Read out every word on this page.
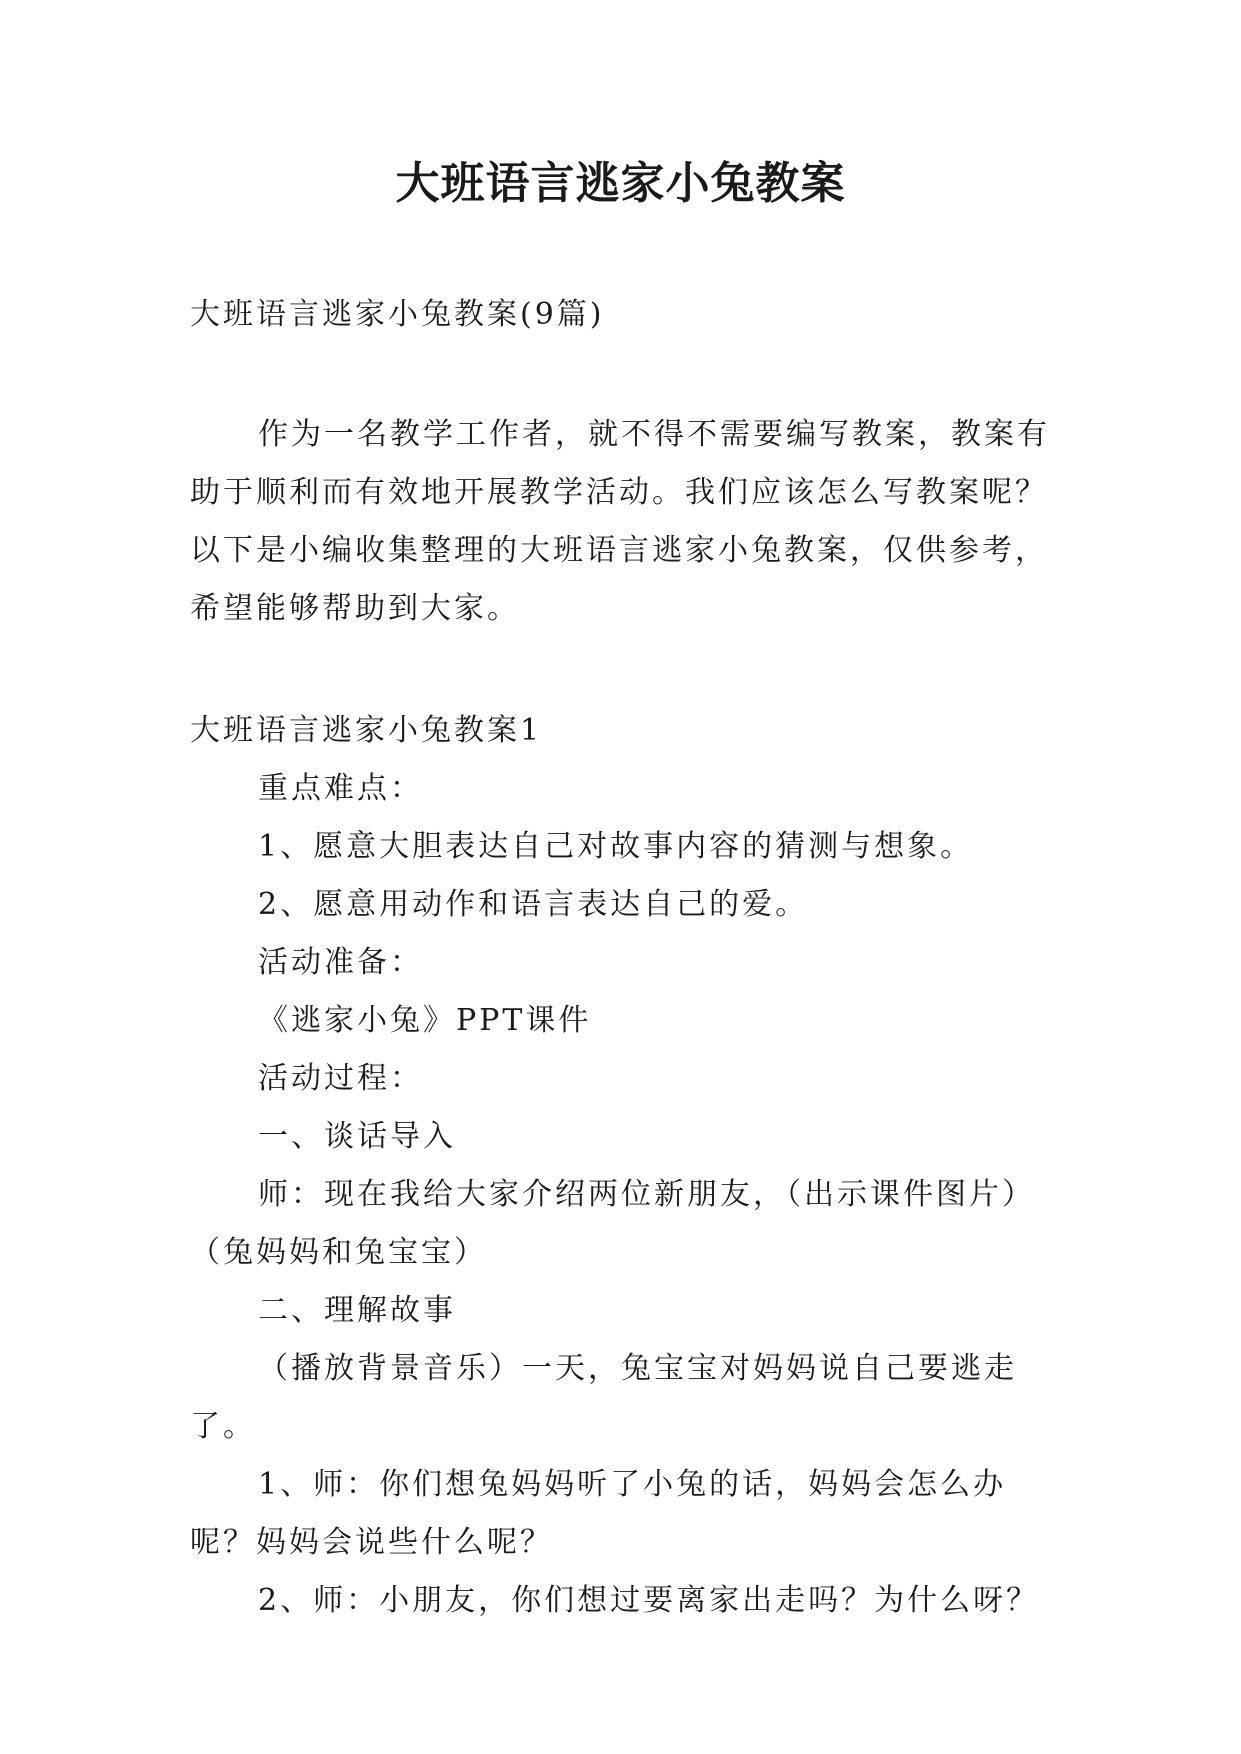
大班语言逃家小兔教案

大班语言逃家小兔教案(9篇)

作为一名教学工作者，就不得不需要编写教案，教案有助于顺利而有效地开展教学活动。我们应该怎么写教案呢？以下是小编收集整理的大班语言逃家小兔教案，仅供参考，希望能够帮助到大家。

大班语言逃家小兔教案1

重点难点：

1、愿意大胆表达自己对故事内容的猜测与想象。

2、愿意用动作和语言表达自己的爱。

活动准备：

《逃家小兔》PPT课件

活动过程：

一、谈话导入

师：现在我给大家介绍两位新朋友，（出示课件图片）（兔妈妈和兔宝宝）

二、理解故事

（播放背景音乐）一天，兔宝宝对妈妈说自己要逃走了。

1、师：你们想兔妈妈听了小兔的话，妈妈会怎么办呢？妈妈会说些什么呢？

2、师：小朋友，你们想过要离家出走吗？为什么呀？
